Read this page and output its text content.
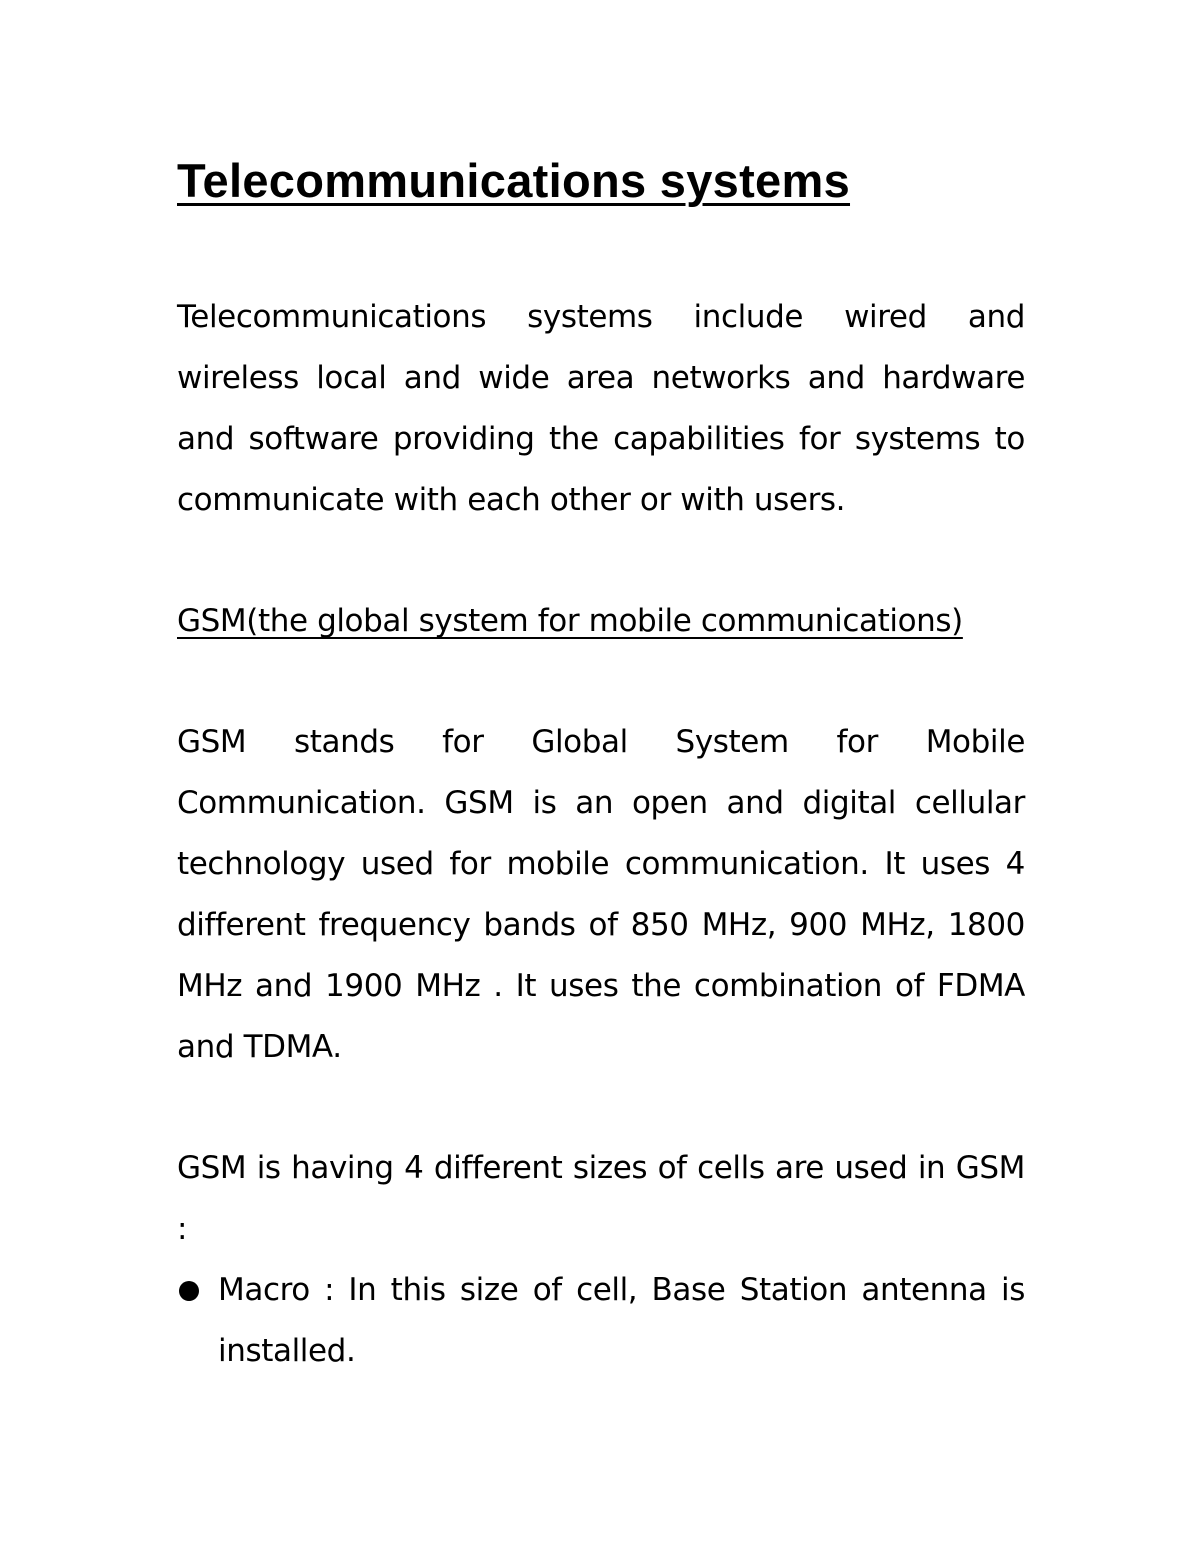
Telecommunications systems

Telecommunications systems include wired and wireless local and wide area networks and hardware and software providing the capabilities for systems to communicate with each other or with users.

GSM(the global system for mobile communications)

GSM stands for Global System for Mobile Communication. GSM is an open and digital cellular technology used for mobile communication. It uses 4 different frequency bands of 850 MHz, 900 MHz, 1800 MHz and 1900 MHz . It uses the combination of FDMA and TDMA.

GSM is having 4 different sizes of cells are used in GSM :

Macro : In this size of cell, Base Station antenna is installed.
